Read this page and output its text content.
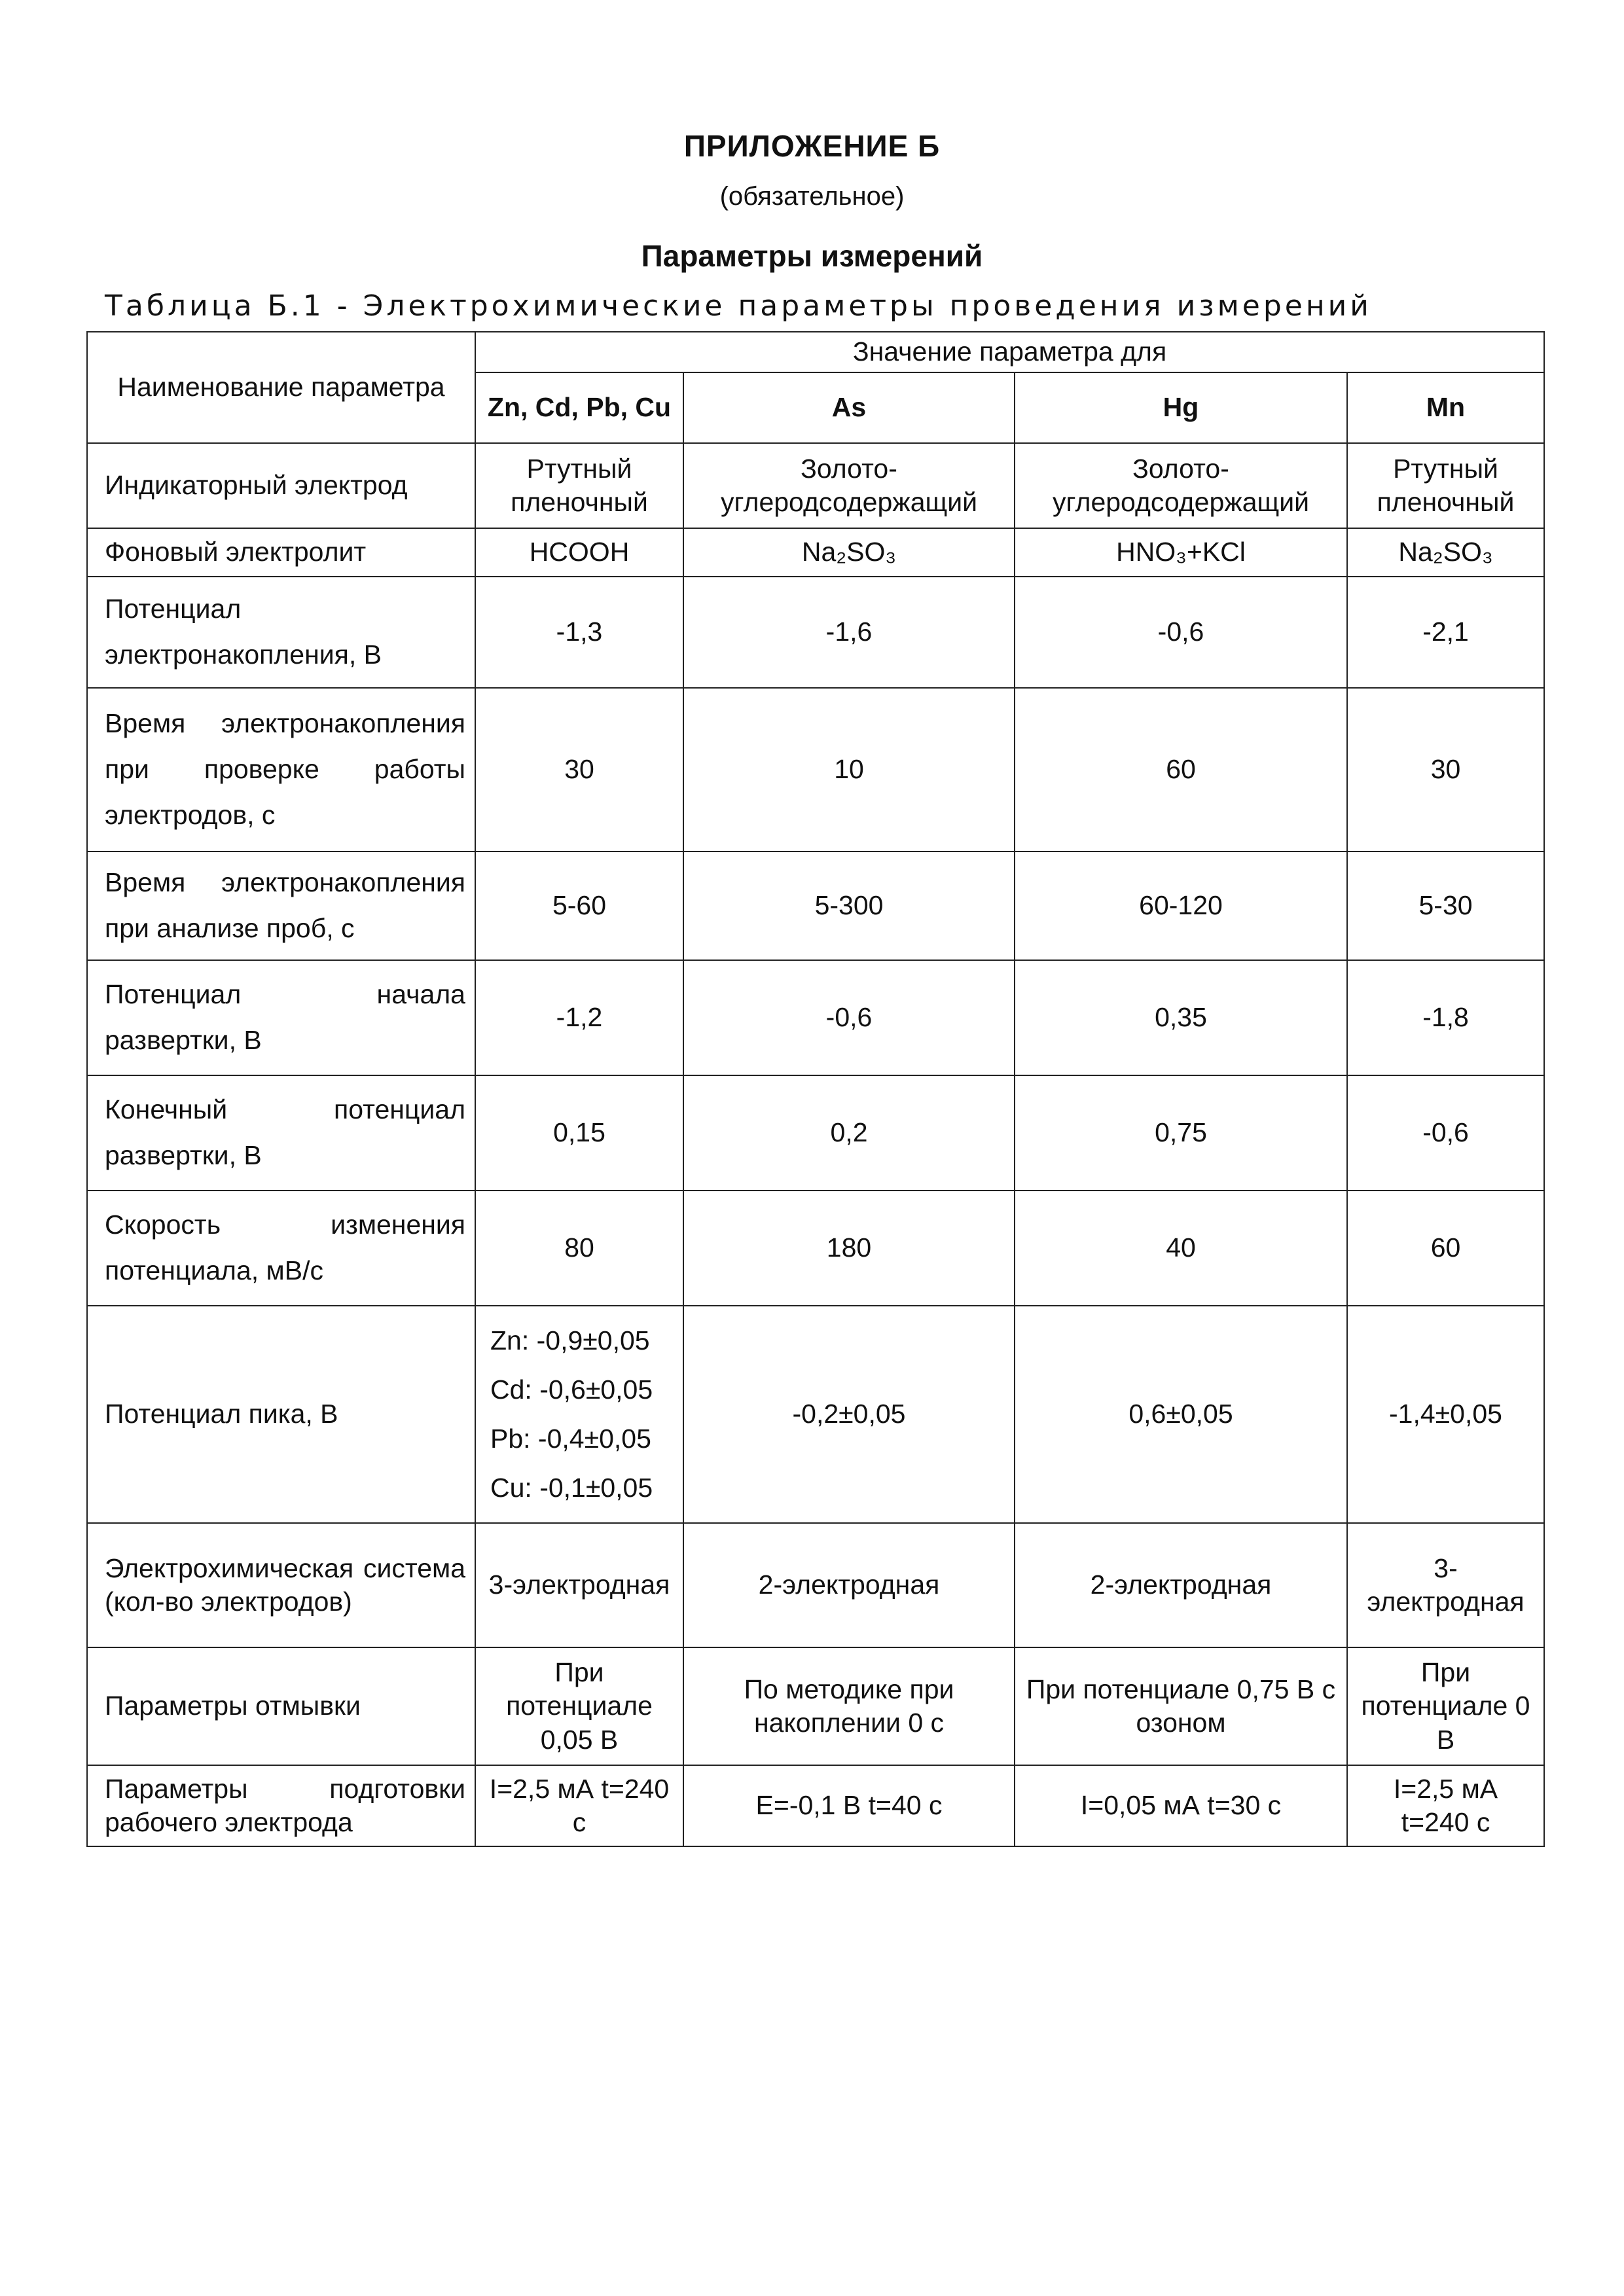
ПРИЛОЖЕНИЕ Б
(обязательное)
Параметры измерений
Таблица Б.1 - Электрохимические параметры проведения измерений
Наименование параметра	Значение параметра для			
	Zn, Cd, Pb, Cu	As	Hg	Mn
Индикаторный электрод	Ртутный пленочный	Золото-углеродсодержащий	Золото-углеродсодержащий	Ртутный пленочный
Фоновый электролит	HCOOH	Na₂SO₃	HNO₃+KCl	Na₂SO₃
Потенциал электронакопления, В	-1,3	-1,6	-0,6	-2,1
Время электронакопления при проверке работы электродов, с	30	10	60	30
Время электронакопления при анализе проб, с	5-60	5-300	60-120	5-30
Потенциал начала развертки, В	-1,2	-0,6	0,35	-1,8
Конечный потенциал развертки, В	0,15	0,2	0,75	-0,6
Скорость изменения потенциала, мВ/с	80	180	40	60
Потенциал пика, В	Zn: -0,9±0,05
Cd: -0,6±0,05
Pb: -0,4±0,05
Cu: -0,1±0,05	-0,2±0,05	0,6±0,05	-1,4±0,05
Электрохимическая система (кол-во электродов)	3-электродная	2-электродная	2-электродная	3-электродная
Параметры отмывки	При потенциале 0,05 В	По методике при накоплении 0 с	При потенциале 0,75 В с озоном	При потенциале 0 В
Параметры подготовки рабочего электрода	I=2,5 мА t=240 с	E=-0,1 В t=40 с	I=0,05 мА t=30 с	I=2,5 мА t=240 с
